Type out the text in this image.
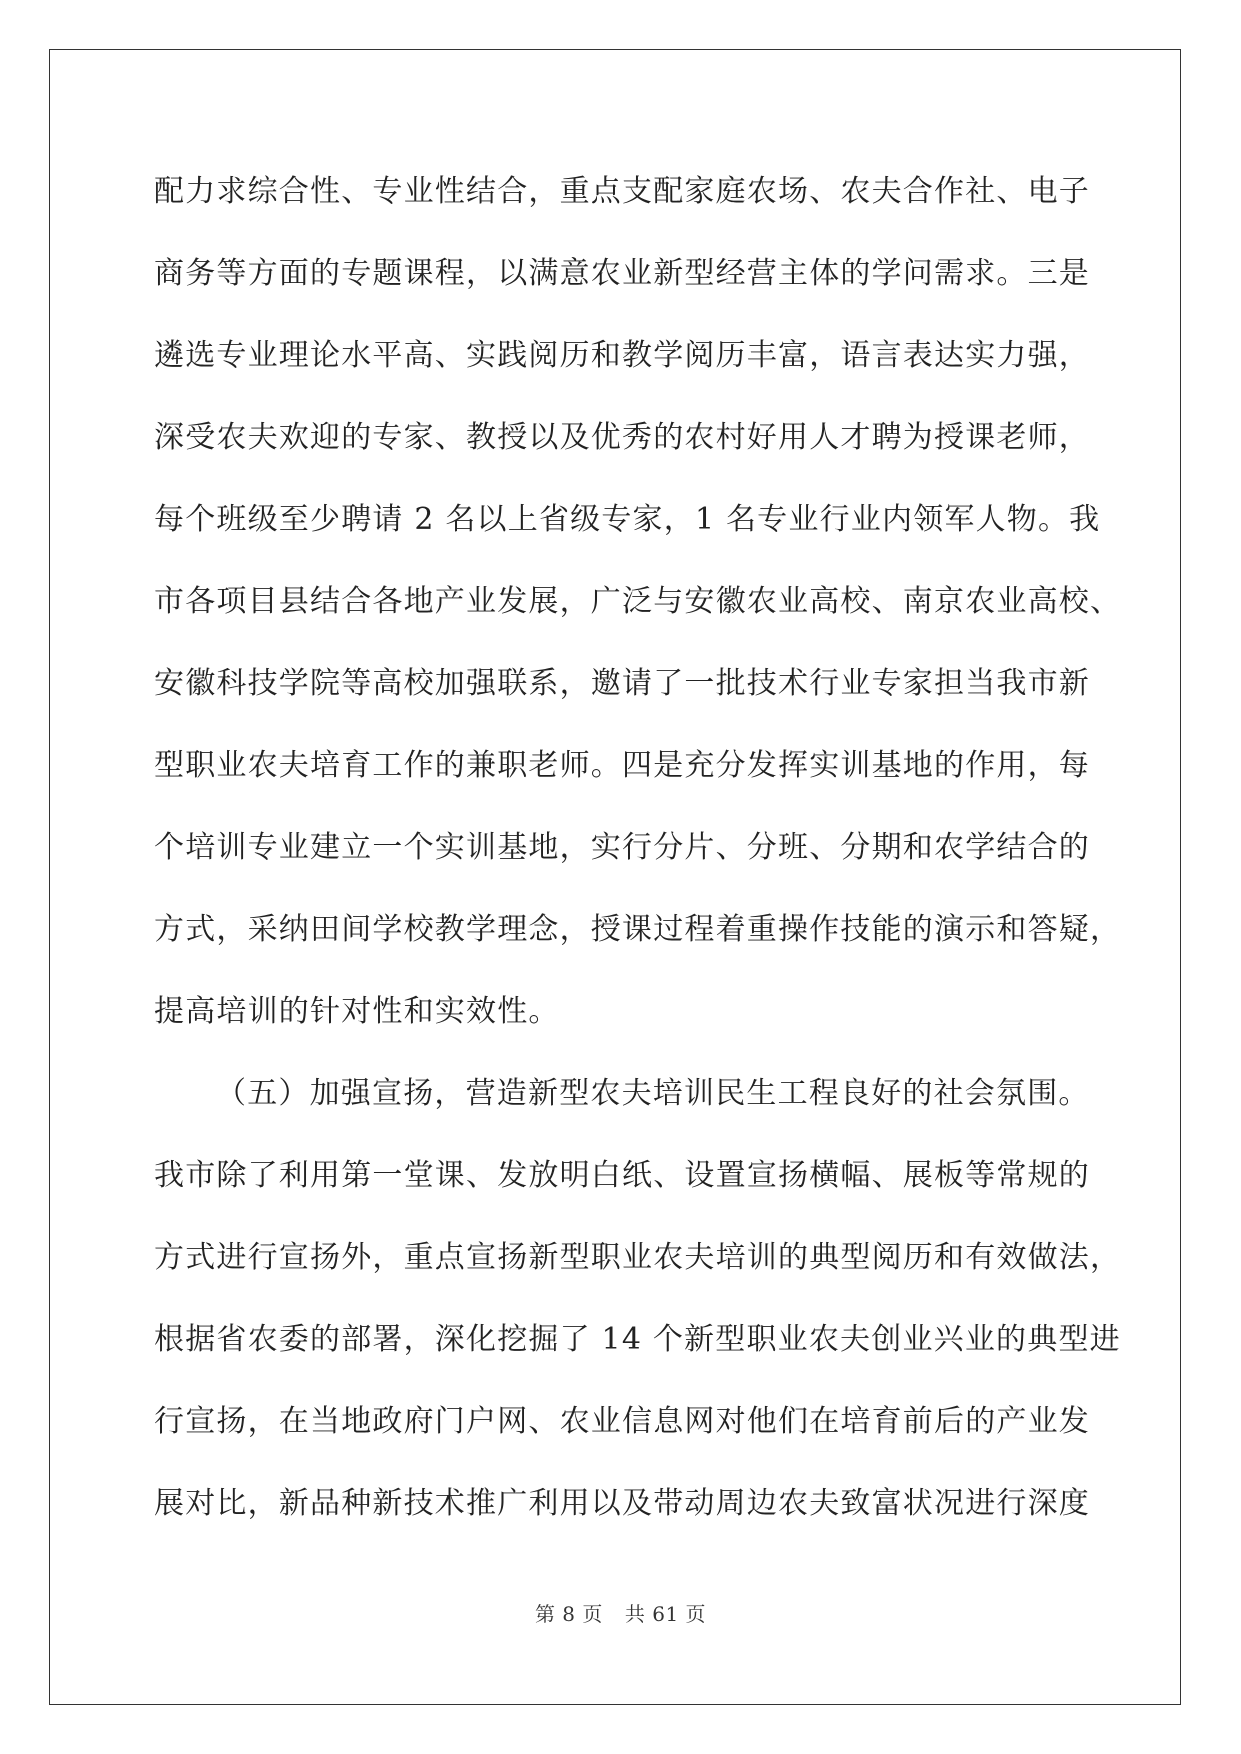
配力求综合性、专业性结合，重点支配家庭农场、农夫合作社、电子
商务等方面的专题课程，以满意农业新型经营主体的学问需求。三是
遴选专业理论水平高、实践阅历和教学阅历丰富，语言表达实力强，
深受农夫欢迎的专家、教授以及优秀的农村好用人才聘为授课老师，
每个班级至少聘请 2 名以上省级专家，1 名专业行业内领军人物。我
市各项目县结合各地产业发展，广泛与安徽农业高校、南京农业高校、
安徽科技学院等高校加强联系，邀请了一批技术行业专家担当我市新
型职业农夫培育工作的兼职老师。四是充分发挥实训基地的作用，每
个培训专业建立一个实训基地，实行分片、分班、分期和农学结合的
方式，采纳田间学校教学理念，授课过程着重操作技能的演示和答疑，
提高培训的针对性和实效性。
（五）加强宣扬，营造新型农夫培训民生工程良好的社会氛围。
我市除了利用第一堂课、发放明白纸、设置宣扬横幅、展板等常规的
方式进行宣扬外，重点宣扬新型职业农夫培训的典型阅历和有效做法，
根据省农委的部署，深化挖掘了 14 个新型职业农夫创业兴业的典型进
行宣扬，在当地政府门户网、农业信息网对他们在培育前后的产业发
展对比，新品种新技术推广利用以及带动周边农夫致富状况进行深度
第 8 页 共 61 页
